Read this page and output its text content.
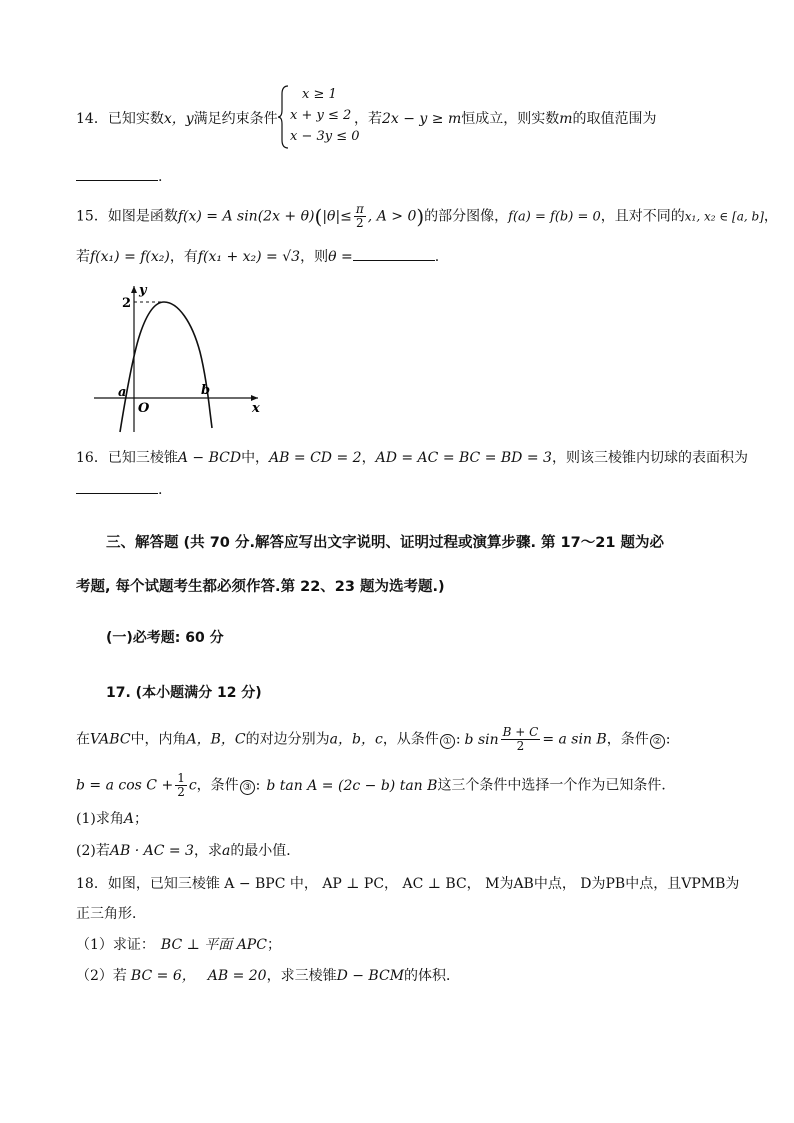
14．已知实数x，y满足约束条件
x ≥ 1
x + y ≤ 2
x − 3y ≤ 0
，若2x − y ≥ m恒成立，则实数m的取值范围为
.
15．如图是函数f(x) = A $\sin(2x + \theta)(|\theta|\le \frac{\pi}{2}$ , A > 0)的部分图像，f(a) = f(b) = 0，且对不同的x₁, x₂ ∈ [a, b]，
若f(x₁) = f(x₂)，有f(x₁ + x₂) = √3，则θ =	.
y
x
2
a	b
O
16．已知三棱锥A − BCD中，AB = CD = 2，AD = AC = BC = BD = 3，则该三棱锥内切球的表面积为
.
三、解答题 (共 70 分.解答应写出文字说明、证明过程或演算步骤. 第 17～21 题为必
考题, 每个试题考生都必须作答.第 22、23 题为选考题.)
(一)必考题: 60 分
17. (本小题满分 12 分)
在VABC中，内角A，B，C的对边分别为a，b，c，从条件 ① : b $\sin \frac{B + C}{2} = a$ sin B，条件 ② :
b = a $\cos C + \frac{1}{2}$ c，条件 ③ : b tan A = (2c − b) tan B这三个条件中选择一个作为已知条件．
(1)求角A；
(2)若AB · AC = 3，求a的最小值．
18．如图，已知三棱锥 A − BPC 中， AP ⊥ PC， AC ⊥ BC， M为AB中点， D为PB中点，且VPMB为
正三角形．
（1）求证： BC ⊥ 平面 APC；
（2）若 BC = 6， AB = 20，求三棱锥D − BCM的体积．
